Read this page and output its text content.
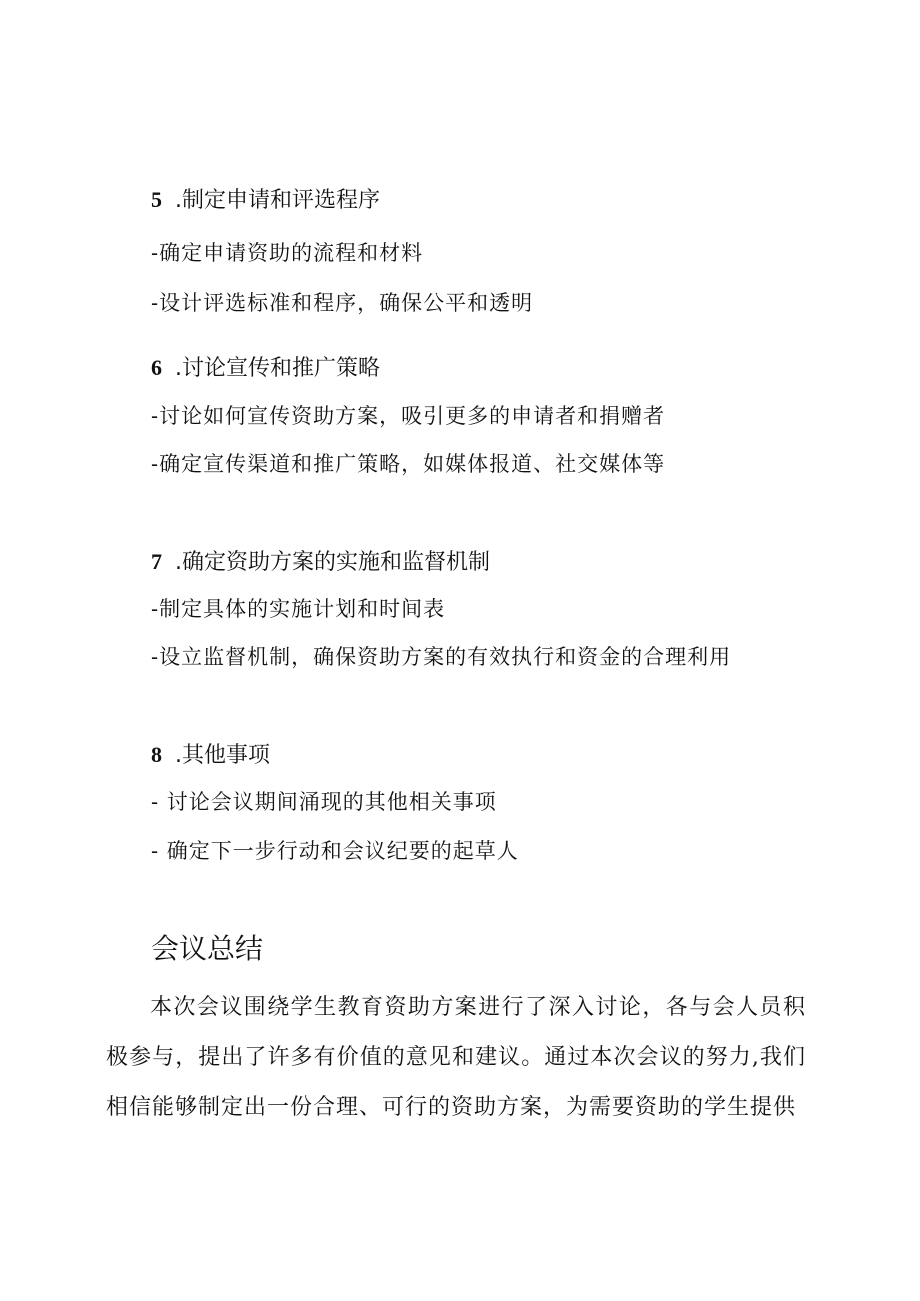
5 .制定申请和评选程序
-确定申请资助的流程和材料
-设计评选标准和程序，确保公平和透明
6 .讨论宣传和推广策略
-讨论如何宣传资助方案，吸引更多的申请者和捐赠者
-确定宣传渠道和推广策略，如媒体报道、社交媒体等
7 .确定资助方案的实施和监督机制
-制定具体的实施计划和时间表
-设立监督机制，确保资助方案的有效执行和资金的合理利用
8 .其他事项
- 讨论会议期间涌现的其他相关事项
- 确定下一步行动和会议纪要的起草人
会议总结
本次会议围绕学生教育资助方案进行了深入讨论，各与会人员积极参与，提出了许多有价值的意见和建议。通过本次会议的努力,我们相信能够制定出一份合理、可行的资助方案，为需要资助的学生提供
